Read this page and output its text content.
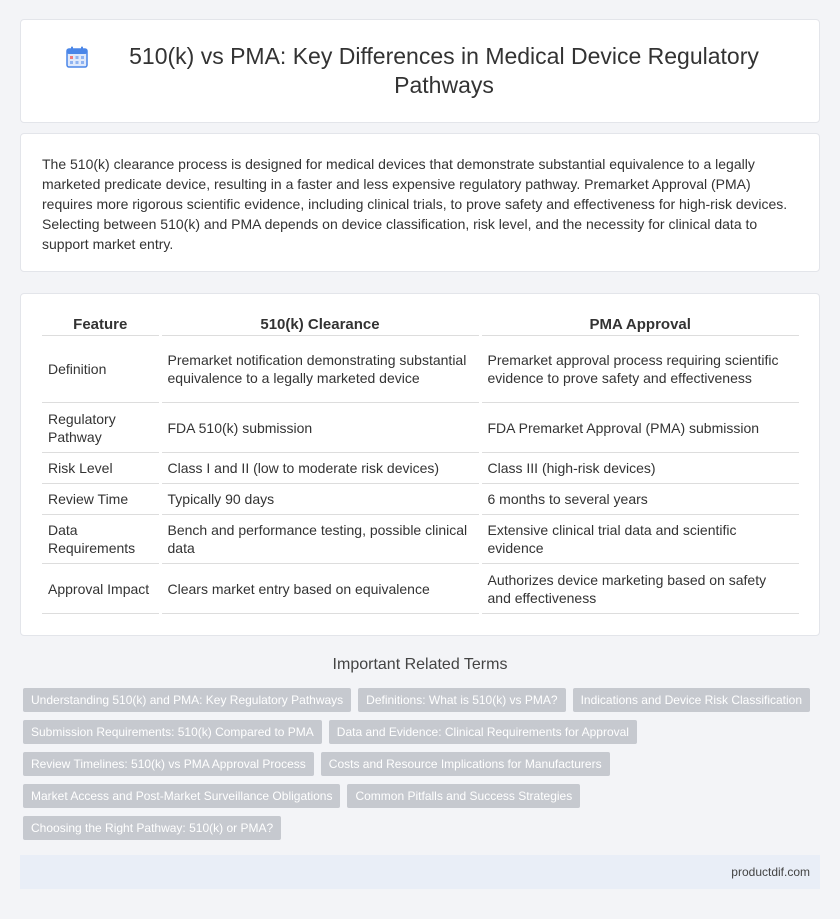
510(k) vs PMA: Key Differences in Medical Device Regulatory Pathways

The 510(k) clearance process is designed for medical devices that demonstrate substantial equivalence to a legally marketed predicate device, resulting in a faster and less expensive regulatory pathway. Premarket Approval (PMA) requires more rigorous scientific evidence, including clinical trials, to prove safety and effectiveness for high-risk devices. Selecting between 510(k) and PMA depends on device classification, risk level, and the necessity for clinical data to support market entry.

Feature	510(k) Clearance	PMA Approval
Definition	Premarket notification demonstrating substantial equivalence to a legally marketed device	Premarket approval process requiring scientific evidence to prove safety and effectiveness
Regulatory Pathway	FDA 510(k) submission	FDA Premarket Approval (PMA) submission
Risk Level	Class I and II (low to moderate risk devices)	Class III (high-risk devices)
Review Time	Typically 90 days	6 months to several years
Data Requirements	Bench and performance testing, possible clinical data	Extensive clinical trial data and scientific evidence
Approval Impact	Clears market entry based on equivalence	Authorizes device marketing based on safety and effectiveness
Important Related Terms
Understanding 510(k) and PMA: Key Regulatory Pathways	Definitions: What is 510(k) vs PMA?	Indications and Device Risk Classification
Submission Requirements: 510(k) Compared to PMA	Data and Evidence: Clinical Requirements for Approval
Review Timelines: 510(k) vs PMA Approval Process	Costs and Resource Implications for Manufacturers
Market Access and Post-Market Surveillance Obligations	Common Pitfalls and Success Strategies
Choosing the Right Pathway: 510(k) or PMA?
productdif.com
